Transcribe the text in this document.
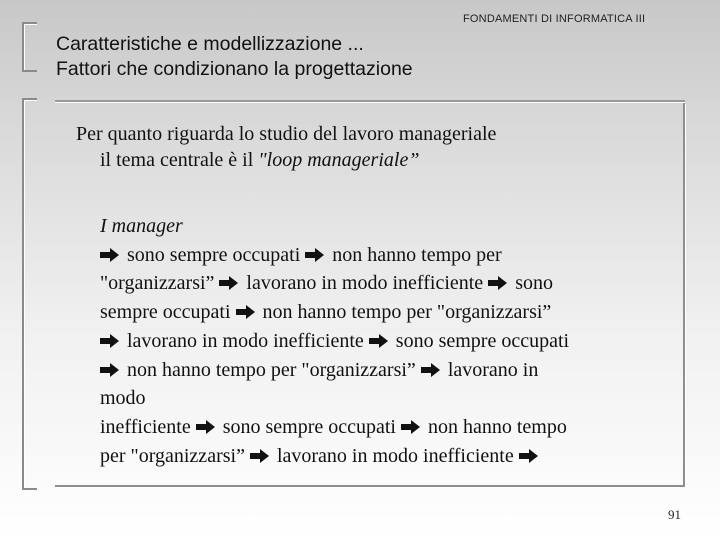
FONDAMENTI DI INFORMATICA III
Caratteristiche e modellizzazione ...
Fattori che condizionano la progettazione
Per quanto riguarda lo studio del lavoro manageriale
il tema centrale è il "loop manageriale”
I manager
sono sempre occupati  non hanno tempo per
"organizzarsi”  lavorano in modo inefficiente  sono
sempre occupati  non hanno tempo per "organizzarsi”
lavorano in modo inefficiente  sono sempre occupati
non hanno tempo per "organizzarsi”  lavorano in
modo
inefficiente  sono sempre occupati  non hanno tempo
per "organizzarsi”  lavorano in modo inefficiente
91
